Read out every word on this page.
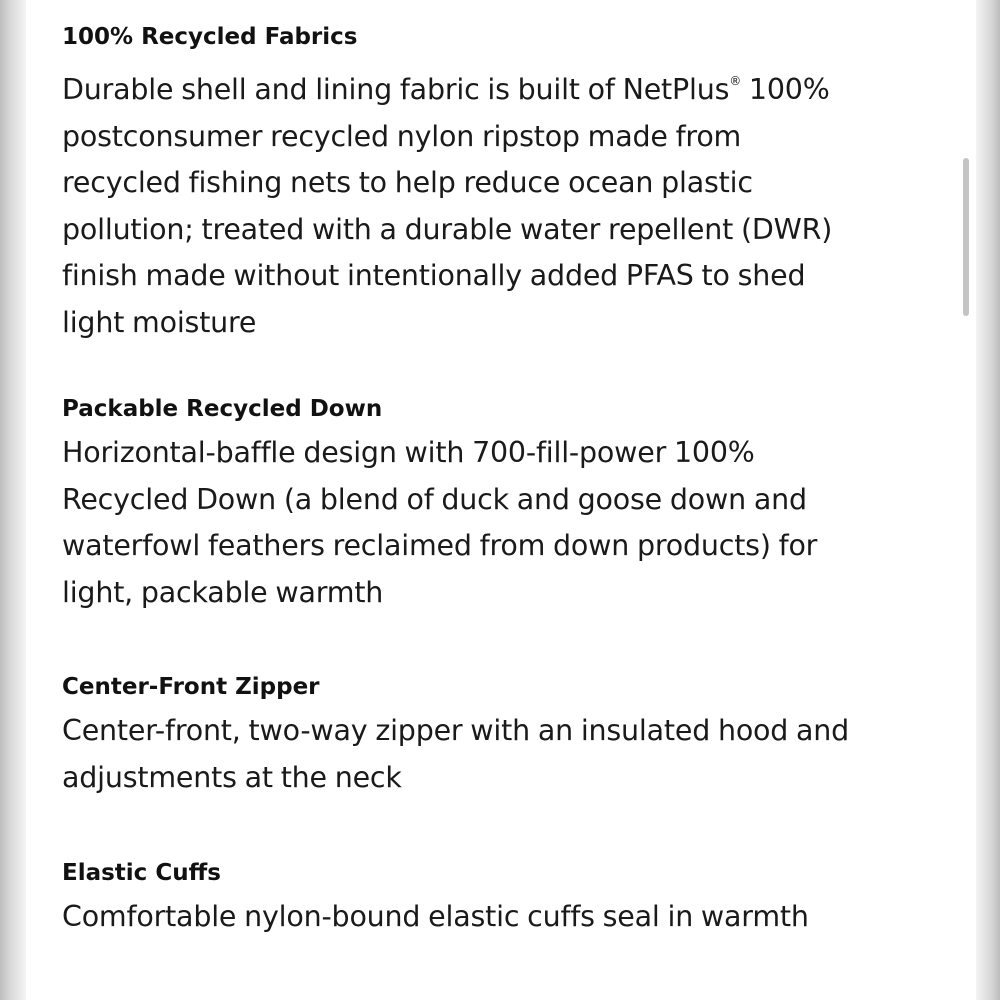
100% Recycled Fabrics

Durable shell and lining fabric is built of NetPlus® 100%
postconsumer recycled nylon ripstop made from
recycled fishing nets to help reduce ocean plastic
pollution; treated with a durable water repellent (DWR)
finish made without intentionally added PFAS to shed
light moisture

Packable Recycled Down

Horizontal-baffle design with 700-fill-power 100%
Recycled Down (a blend of duck and goose down and
waterfowl feathers reclaimed from down products) for
light, packable warmth

Center-Front Zipper

Center-front, two-way zipper with an insulated hood and
adjustments at the neck

Elastic Cuffs

Comfortable nylon-bound elastic cuffs seal in warmth
